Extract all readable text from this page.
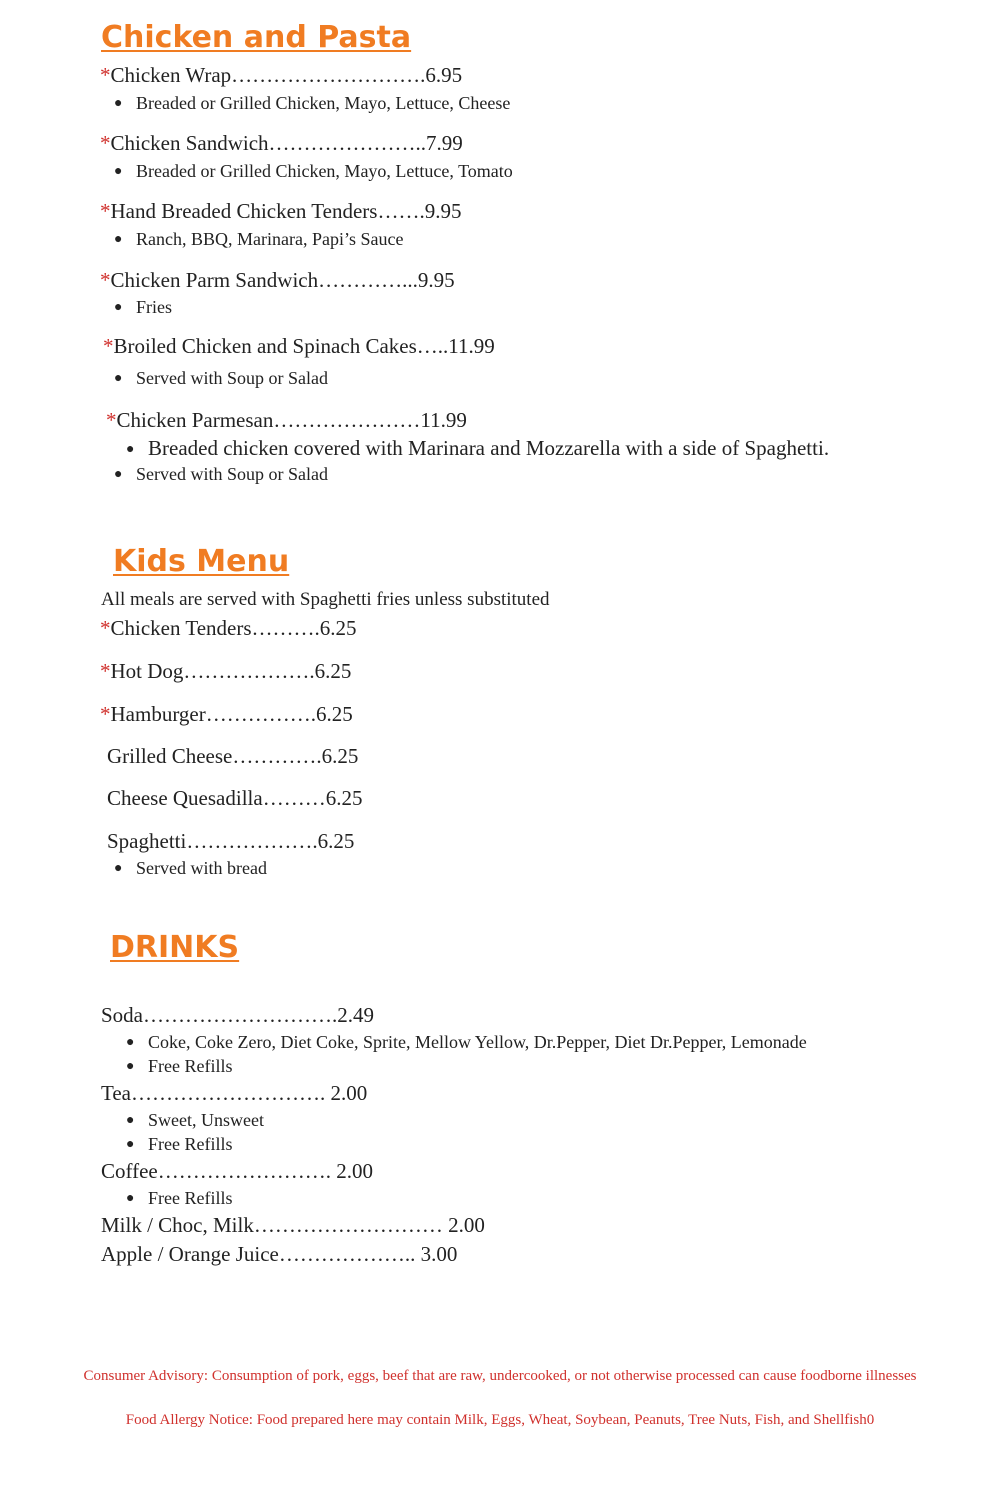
Chicken and Pasta
*Chicken Wrap……………………….6.95
● Breaded or Grilled Chicken, Mayo, Lettuce, Cheese
*Chicken Sandwich…………………..7.99
● Breaded or Grilled Chicken, Mayo, Lettuce, Tomato
*Hand Breaded Chicken Tenders…….9.95
● Ranch, BBQ, Marinara, Papi’s Sauce
*Chicken Parm Sandwich…………...9.95
● Fries
*Broiled Chicken and Spinach Cakes…..11.99
● Served with Soup or Salad
*Chicken Parmesan…………………11.99
● Breaded chicken covered with Marinara and Mozzarella with a side of Spaghetti.
● Served with Soup or Salad
Kids Menu
All meals are served with Spaghetti fries unless substituted
*Chicken Tenders……….6.25
*Hot Dog……………….6.25
*Hamburger…………….6.25
Grilled Cheese………….6.25
Cheese Quesadilla………6.25
Spaghetti……………….6.25
● Served with bread
DRINKS
Soda……………………….2.49
● Coke, Coke Zero, Diet Coke, Sprite, Mellow Yellow, Dr.Pepper, Diet Dr.Pepper, Lemonade
● Free Refills
Tea………………………. 2.00
● Sweet, Unsweet
● Free Refills
Coffee……………………. 2.00
● Free Refills
Milk / Choc, Milk……………………… 2.00
Apple / Orange Juice……………….. 3.00
Consumer Advisory: Consumption of pork, eggs, beef that are raw, undercooked, or not otherwise processed can cause foodborne illnesses
Food Allergy Notice: Food prepared here may contain Milk, Eggs, Wheat, Soybean, Peanuts, Tree Nuts, Fish, and Shellfish0
